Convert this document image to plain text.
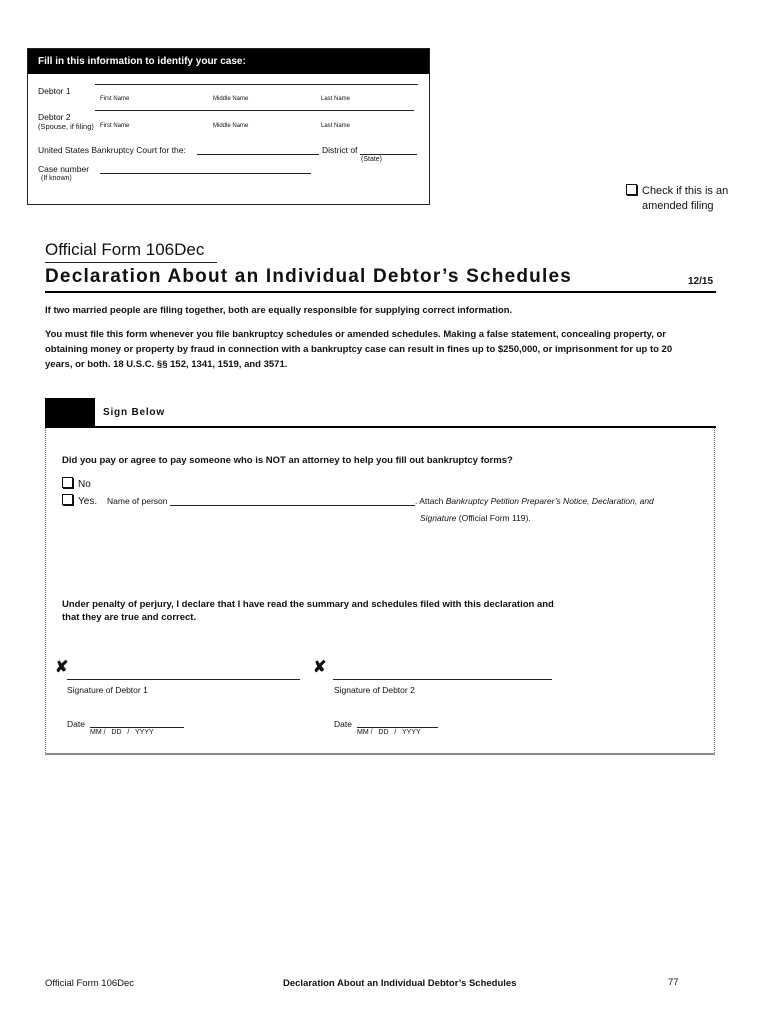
Fill in this information to identify your case:
Debtor 1
First Name	Middle Name	Last Name
Debtor 2
(Spouse, if filing) First Name	Middle Name	Last Name
United States Bankruptcy Court for the:	District of
(State)
Case number
(If known)
Check if this is an
amended filing
Official Form 106Dec
Declaration About an Individual Debtor’s Schedules	12/15
If two married people are filing together, both are equally responsible for supplying correct information.
You must file this form whenever you file bankruptcy schedules or amended schedules. Making a false statement, concealing property, or
obtaining money or property by fraud in connection with a bankruptcy case can result in fines up to $250,000, or imprisonment for up to 20
years, or both. 18 U.S.C. §§ 152, 1341, 1519, and 3571.
Sign Below
Did you pay or agree to pay someone who is NOT an attorney to help you fill out bankruptcy forms?
No
Yes. Name of person	. Attach Bankruptcy Petition Preparer’s Notice, Declaration, and
Signature (Official Form 119).
Under penalty of perjury, I declare that I have read the summary and schedules filed with this declaration and
that they are true and correct.
✘
Signature of Debtor 1
Date
MM /   DD   /   YYYY
✘
Signature of Debtor 2
Date
MM /   DD   /   YYYY
Official Form 106Dec	Declaration About an Individual Debtor’s Schedules	77
